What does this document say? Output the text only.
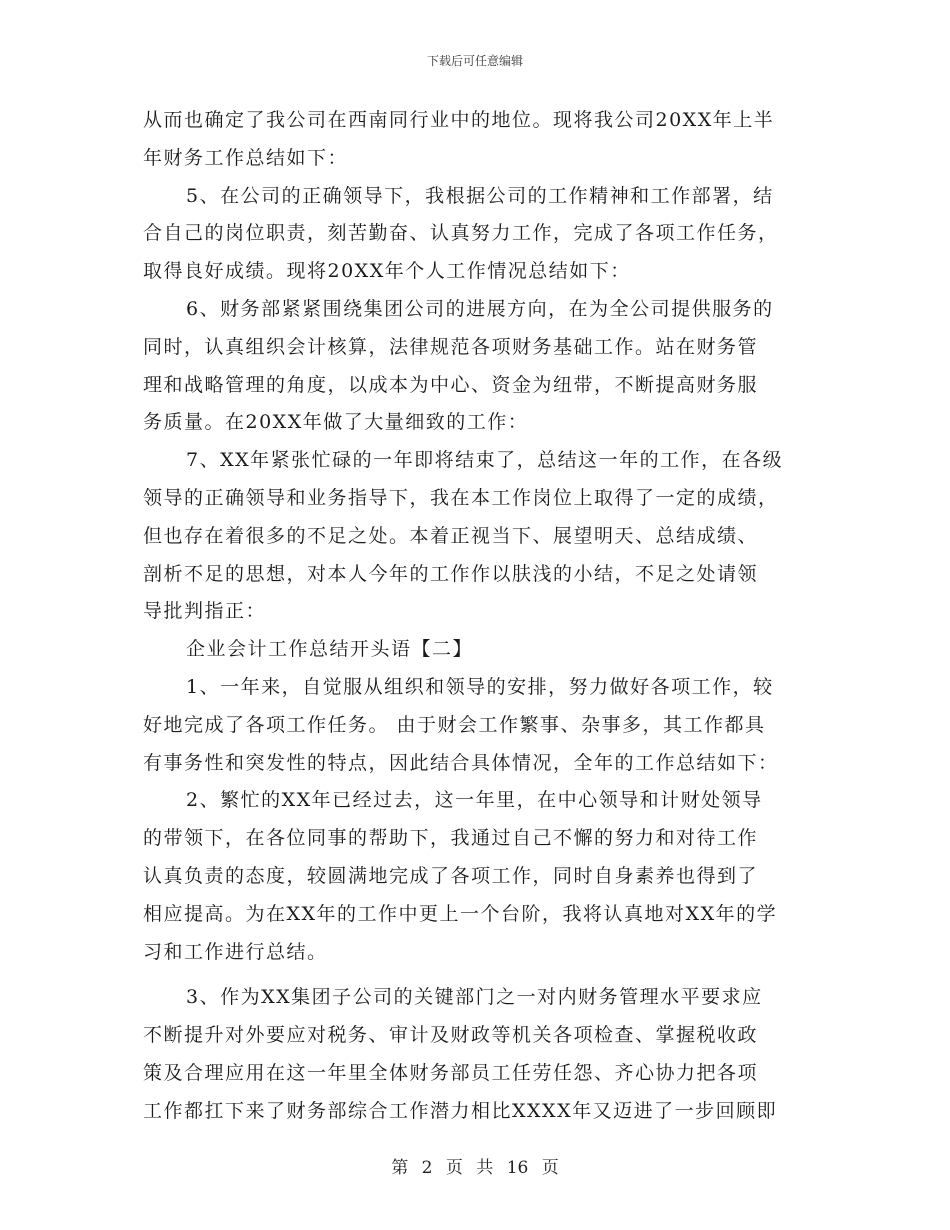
下载后可任意编辑
从而也确定了我公司在西南同行业中的地位。现将我公司20XX年上半
年财务工作总结如下：
5、在公司的正确领导下，我根据公司的工作精神和工作部署，结
合自己的岗位职责，刻苦勤奋、认真努力工作，完成了各项工作任务，
取得良好成绩。现将20XX年个人工作情况总结如下：
6、财务部紧紧围绕集团公司的进展方向，在为全公司提供服务的
同时，认真组织会计核算，法律规范各项财务基础工作。站在财务管
理和战略管理的角度，以成本为中心、资金为纽带，不断提高财务服
务质量。在20XX年做了大量细致的工作：
7、XX年紧张忙碌的一年即将结束了，总结这一年的工作，在各级
领导的正确领导和业务指导下，我在本工作岗位上取得了一定的成绩，
但也存在着很多的不足之处。本着正视当下、展望明天、总结成绩、
剖析不足的思想，对本人今年的工作作以肤浅的小结，不足之处请领
导批判指正：
企业会计工作总结开头语【二】
1、一年来，自觉服从组织和领导的安排，努力做好各项工作，较
好地完成了各项工作任务。 由于财会工作繁事、杂事多，其工作都具
有事务性和突发性的特点，因此结合具体情况，全年的工作总结如下：
2、繁忙的XX年已经过去，这一年里，在中心领导和计财处领导
的带领下，在各位同事的帮助下，我通过自己不懈的努力和对待工作
认真负责的态度，较圆满地完成了各项工作，同时自身素养也得到了
相应提高。为在XX年的工作中更上一个台阶，我将认真地对XX年的学
习和工作进行总结。
3、作为XX集团子公司的关键部门之一对内财务管理水平要求应
不断提升对外要应对税务、审计及财政等机关各项检查、掌握税收政
策及合理应用在这一年里全体财务部员工任劳任怨、齐心协力把各项
工作都扛下来了财务部综合工作潜力相比XXXX年又迈进了一步回顾即
第 2 页 共 16 页
